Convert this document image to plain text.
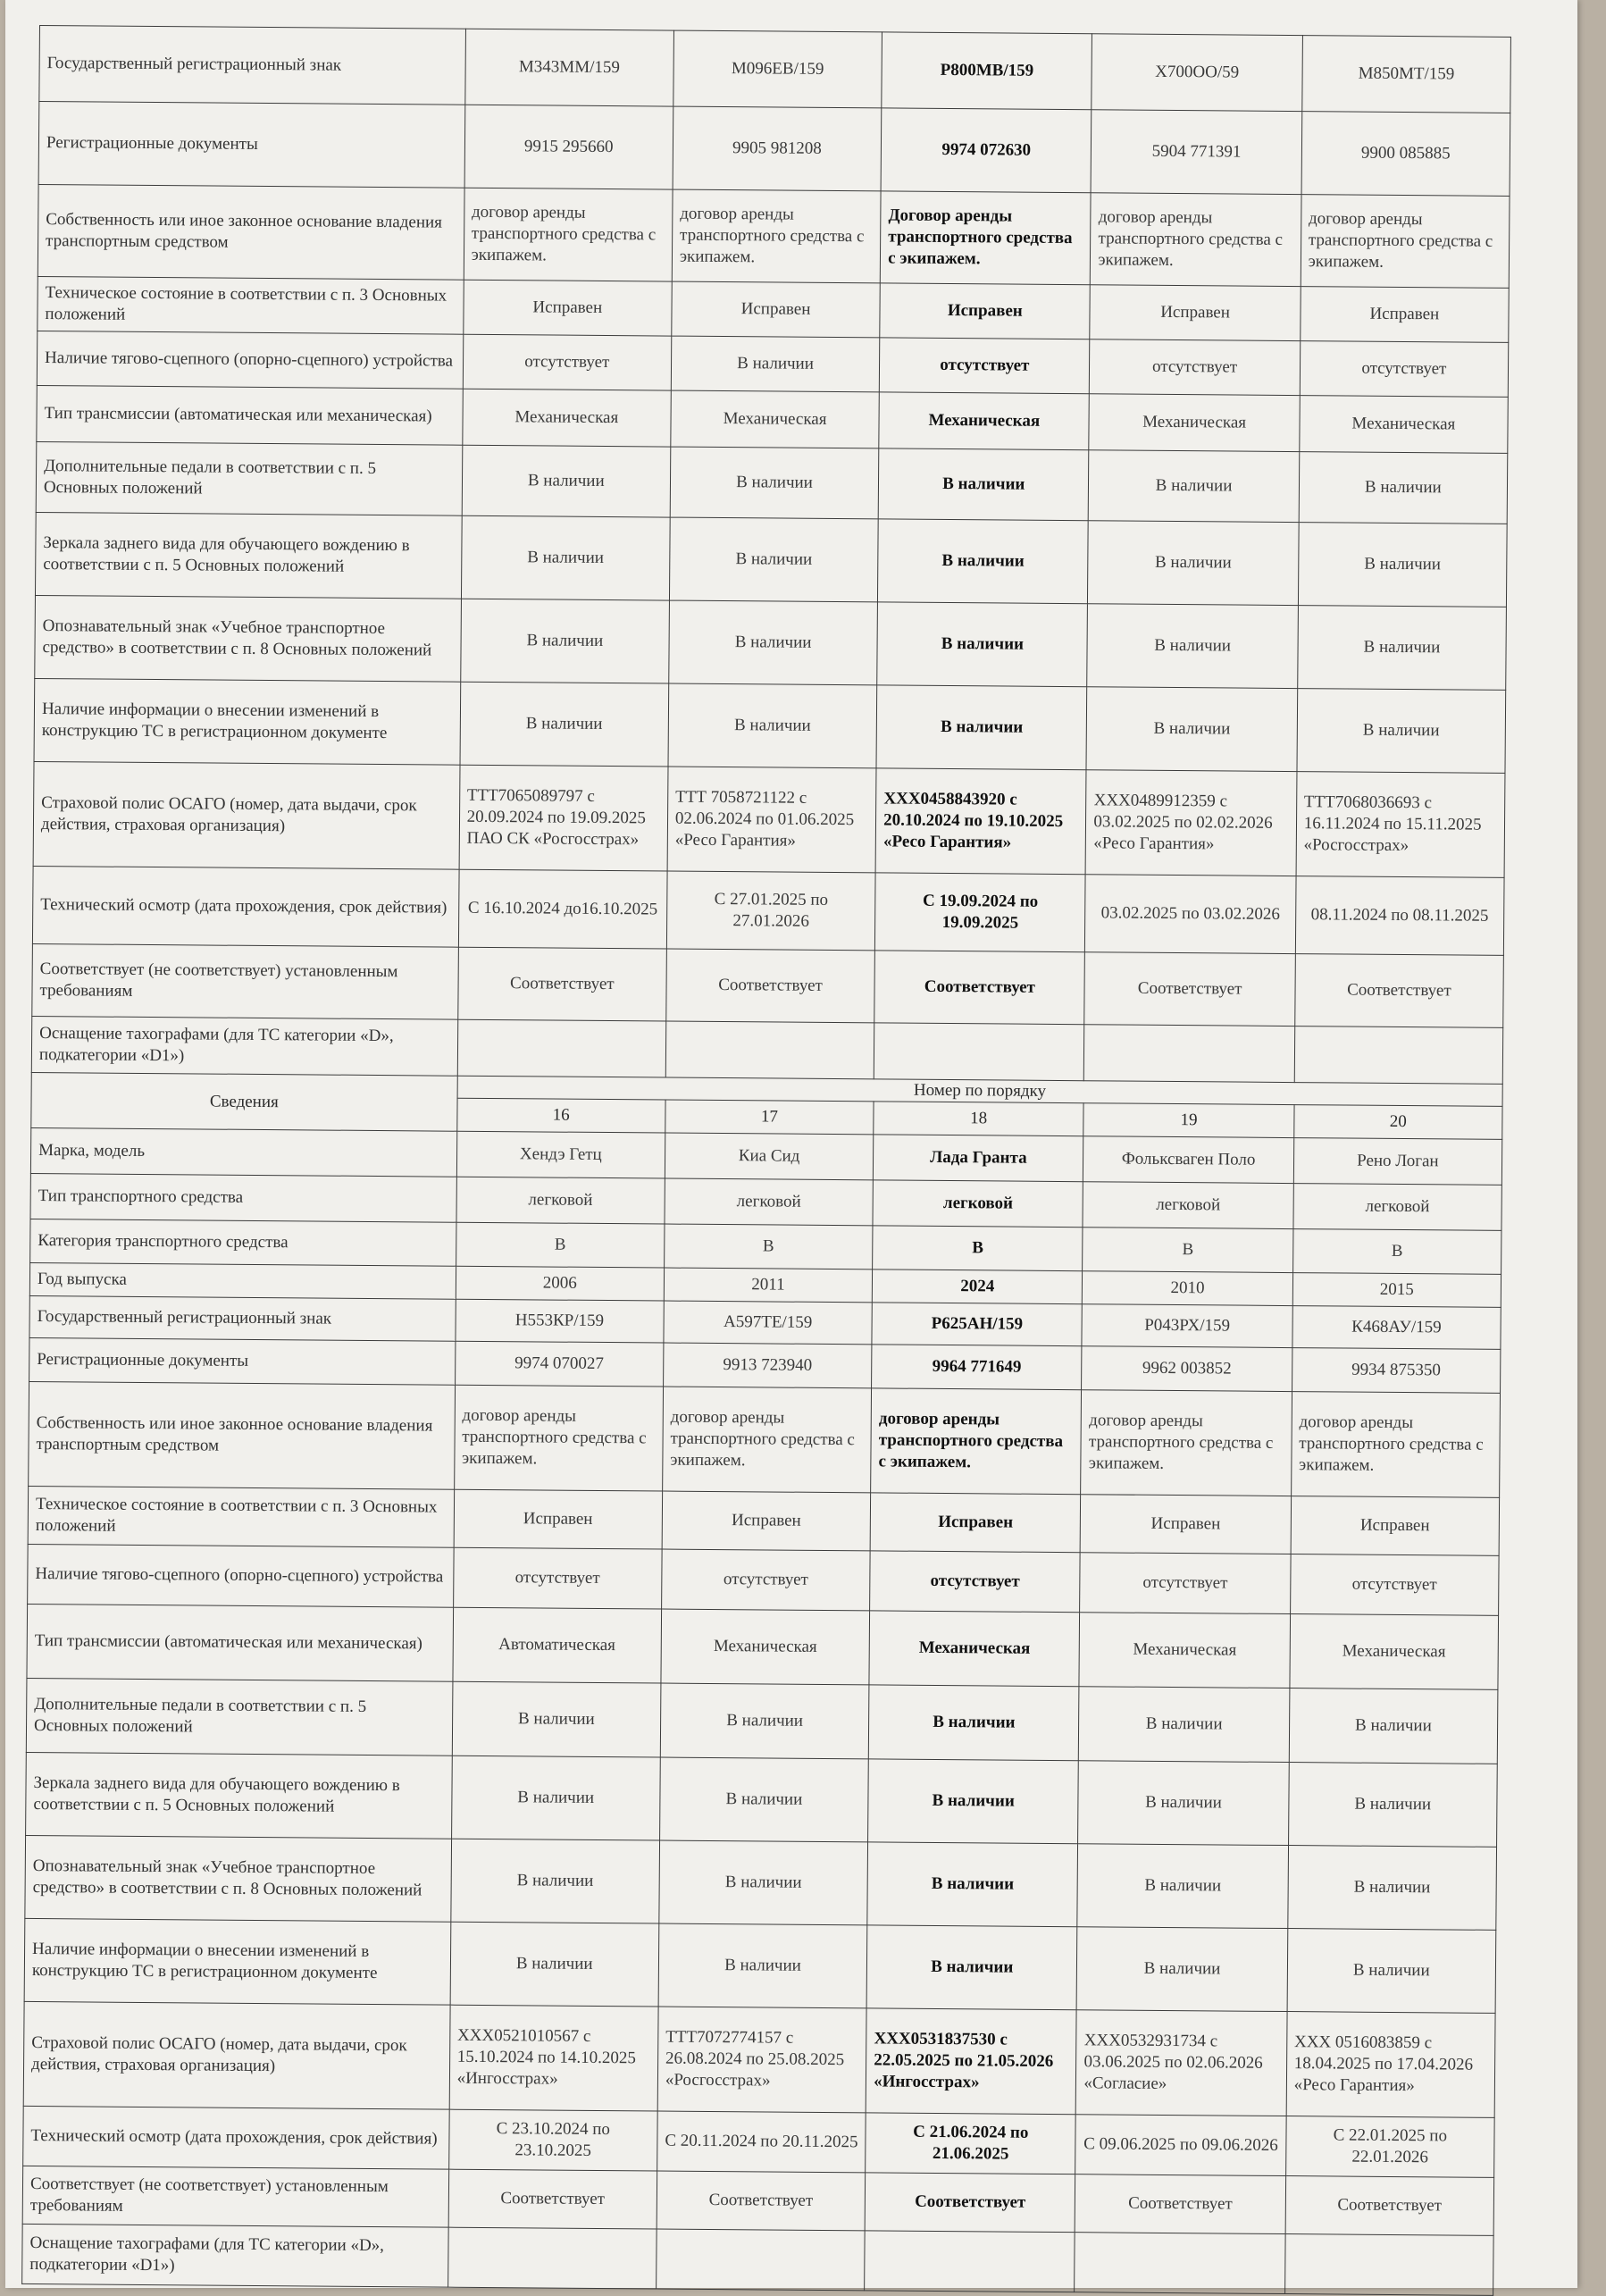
Государственный регистрационный знак	М343ММ/159	М096ЕВ/159	Р800МВ/159	Х700ОО/59	М850МТ/159
Регистрационные документы	9915 295660	9905 981208	9974 072630	5904 771391	9900 085885
Собственность или иное законное основание владения транспортным средством	договор аренды транспортного средства с экипажем.	договор аренды транспортного средства с экипажем.	Договор аренды транспортного средства с экипажем.	договор аренды транспортного средства с экипажем.	договор аренды транспортного средства с экипажем.
Техническое состояние в соответствии с п. 3 Основных положений	Исправен	Исправен	Исправен	Исправен	Исправен
Наличие тягово-сцепного (опорно-сцепного) устройства	отсутствует	В наличии	отсутствует	отсутствует	отсутствует
Тип трансмиссии (автоматическая или механическая)	Механическая	Механическая	Механическая	Механическая	Механическая
Дополнительные педали в соответствии с п. 5 Основных положений	В наличии	В наличии	В наличии	В наличии	В наличии
Зеркала заднего вида для обучающего вождению в соответствии с п. 5 Основных положений	В наличии	В наличии	В наличии	В наличии	В наличии
Опознавательный знак «Учебное транспортное средство» в соответствии с п. 8 Основных положений	В наличии	В наличии	В наличии	В наличии	В наличии
Наличие информации о внесении изменений в конструкцию ТС в регистрационном документе	В наличии	В наличии	В наличии	В наличии	В наличии
Страховой полис ОСАГО (номер, дата выдачи, срок действия, страховая организация)	ТТТ7065089797 с 20.09.2024 по 19.09.2025 ПАО СК «Росгосстрах»	ТТТ 7058721122 с 02.06.2024 по 01.06.2025 «Ресо Гарантия»	ХХХ0458843920 с 20.10.2024 по 19.10.2025 «Ресо Гарантия»	ХХХ0489912359 с 03.02.2025 по 02.02.2026 «Ресо Гарантия»	ТТТ7068036693 с 16.11.2024 по 15.11.2025 «Росгосстрах»
Технический осмотр (дата прохождения, срок действия)	С 16.10.2024 до16.10.2025	С 27.01.2025 по 27.01.2026	С 19.09.2024 по 19.09.2025	03.02.2025 по 03.02.2026	08.11.2024 по 08.11.2025
Соответствует (не соответствует) установленным требованиям	Соответствует	Соответствует	Соответствует	Соответствует	Соответствует
Оснащение тахографами (для ТС категории «D», подкатегории «D1»)					
Сведения	Номер по порядку				
	16	17	18	19	20
Марка, модель	Хендэ Гетц	Киа Сид	Лада Гранта	Фольксваген Поло	Рено Логан
Тип транспортного средства	легковой	легковой	легковой	легковой	легковой
Категория транспортного средства	B	B	B	B	B
Год выпуска	2006	2011	2024	2010	2015
Государственный регистрационный знак	Н553КР/159	А597ТЕ/159	Р625АН/159	Р043РХ/159	К468АУ/159
Регистрационные документы	9974 070027	9913 723940	9964 771649	9962 003852	9934 875350
Собственность или иное законное основание владения транспортным средством	договор аренды транспортного средства с экипажем.	договор аренды транспортного средства с экипажем.	договор аренды транспортного средства с экипажем.	договор аренды транспортного средства с экипажем.	договор аренды транспортного средства с экипажем.
Техническое состояние в соответствии с п. 3 Основных положений	Исправен	Исправен	Исправен	Исправен	Исправен
Наличие тягово-сцепного (опорно-сцепного) устройства	отсутствует	отсутствует	отсутствует	отсутствует	отсутствует
Тип трансмиссии (автоматическая или механическая)	Автоматическая	Механическая	Механическая	Механическая	Механическая
Дополнительные педали в соответствии с п. 5 Основных положений	В наличии	В наличии	В наличии	В наличии	В наличии
Зеркала заднего вида для обучающего вождению в соответствии с п. 5 Основных положений	В наличии	В наличии	В наличии	В наличии	В наличии
Опознавательный знак «Учебное транспортное средство» в соответствии с п. 8 Основных положений	В наличии	В наличии	В наличии	В наличии	В наличии
Наличие информации о внесении изменений в конструкцию ТС в регистрационном документе	В наличии	В наличии	В наличии	В наличии	В наличии
Страховой полис ОСАГО (номер, дата выдачи, срок действия, страховая организация)	ХХХ0521010567 с 15.10.2024 по 14.10.2025 «Ингосстрах»	ТТТ7072774157 с 26.08.2024 по 25.08.2025 «Росгосстрах»	ХХХ0531837530 с 22.05.2025 по 21.05.2026 «Ингосстрах»	ХХХ0532931734 с 03.06.2025 по 02.06.2026 «Согласие»	ХХХ 0516083859 с 18.04.2025 по 17.04.2026 «Ресо Гарантия»
Технический осмотр (дата прохождения, срок действия)	С 23.10.2024 по 23.10.2025	С 20.11.2024 по 20.11.2025	С 21.06.2024 по 21.06.2025	С 09.06.2025 по 09.06.2026	С 22.01.2025 по 22.01.2026
Соответствует (не соответствует) установленным требованиям	Соответствует	Соответствует	Соответствует	Соответствует	Соответствует
Оснащение тахографами (для ТС категории «D», подкатегории «D1»)					
